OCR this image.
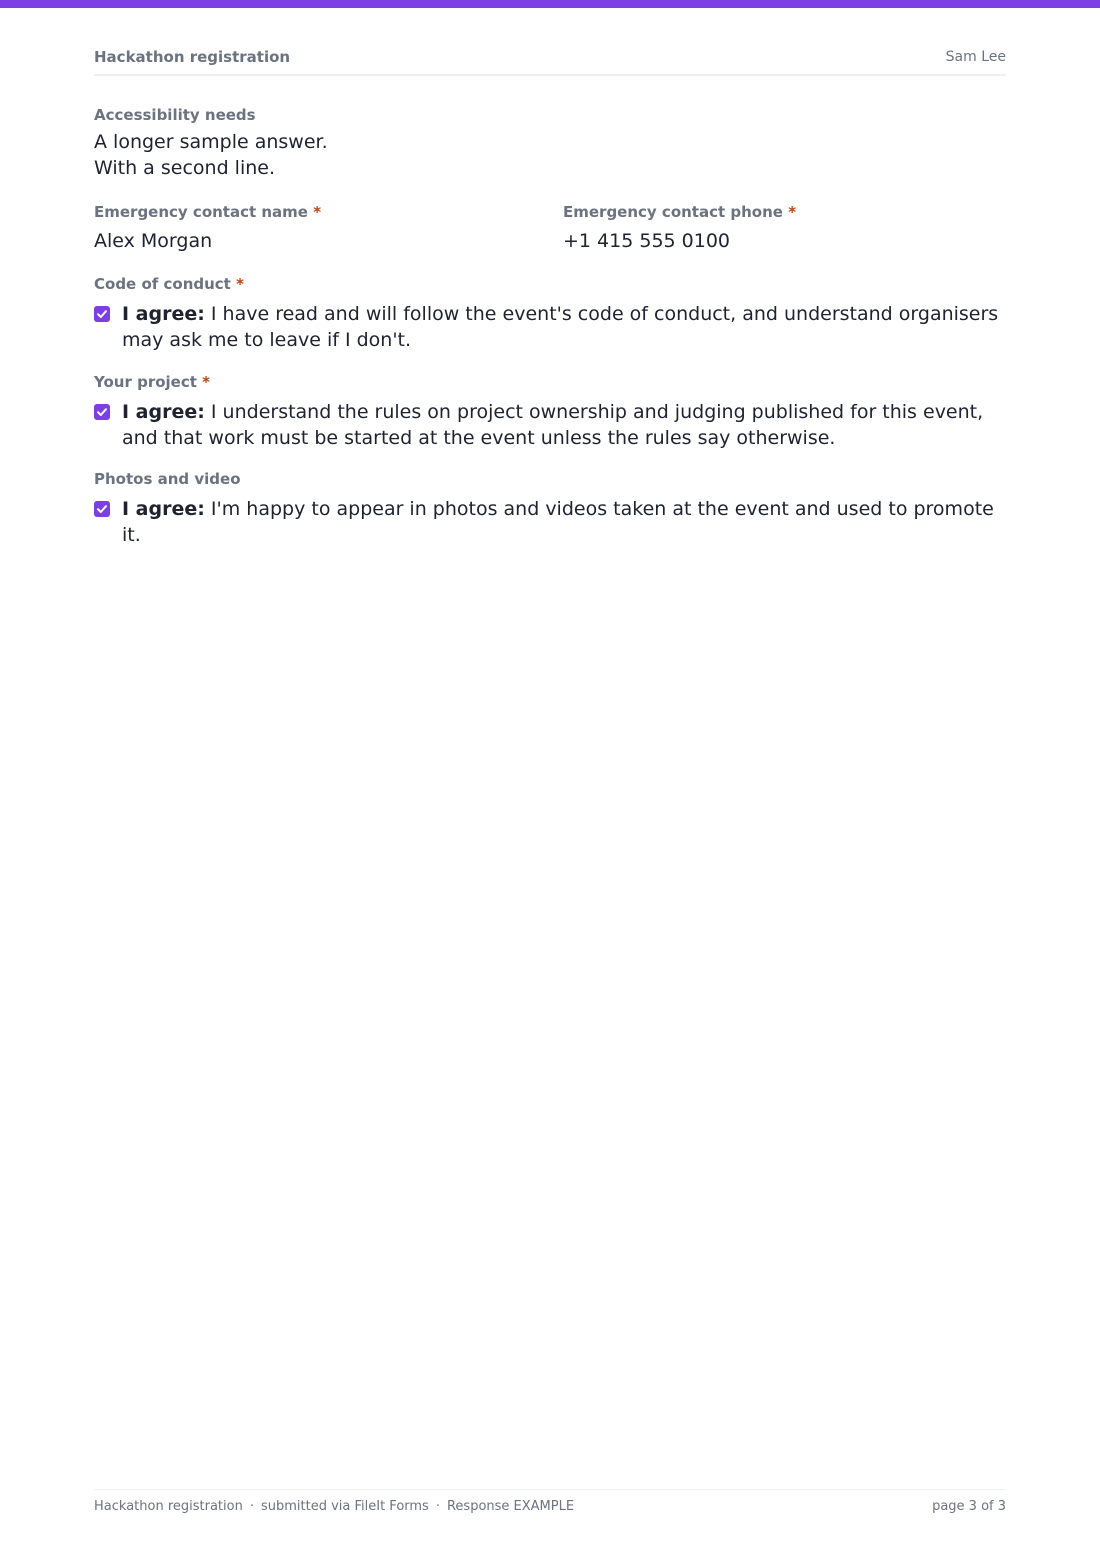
Hackathon registration	Sam Lee
Accessibility needs
A longer sample answer.
With a second line.
Emergency contact name *
Alex Morgan
Emergency contact phone *
+1 415 555 0100
Code of conduct *
I agree: I have read and will follow the event's code of conduct, and understand organisers may ask me to leave if I don't.
Your project *
I agree: I understand the rules on project ownership and judging published for this event, and that work must be started at the event unless the rules say otherwise.
Photos and video
I agree: I'm happy to appear in photos and videos taken at the event and used to promote it.
Hackathon registration · submitted via FileIt Forms · Response EXAMPLE	page 3 of 3
